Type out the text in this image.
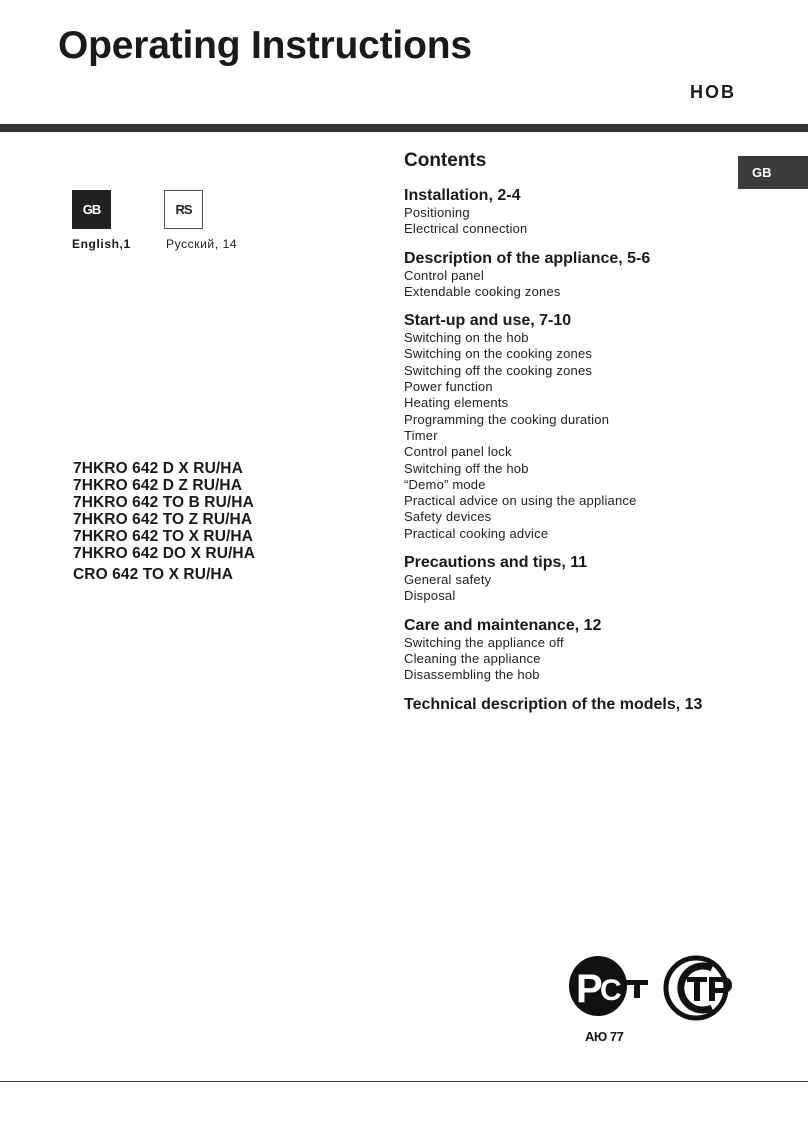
Operating Instructions
HOB
GB
GB	RS
English,1	Русский, 14
7HKRO 642 D X RU/HA
7HKRO 642 D Z RU/HA
7HKRO 642 TO B RU/HA
7HKRO 642 TO Z RU/HA
7HKRO 642 TO X RU/HA
7HKRO 642 DO X RU/HA
CRO 642 TO X RU/HA
Contents
Installation, 2-4
Positioning
Electrical connection
Description of the appliance, 5-6
Control panel
Extendable cooking zones
Start-up and use, 7-10
Switching on the hob
Switching on the cooking zones
Switching off the cooking zones
Power function
Heating elements
Programming the cooking duration
Timer
Control panel lock
Switching off the hob
“Demo” mode
Practical advice on using the appliance
Safety devices
Practical cooking advice
Precautions and tips, 11
General safety
Disposal
Care and maintenance, 12
Switching the appliance off
Cleaning the appliance
Disassembling the hob
Technical description of the models, 13
Р
С
АЮ 77
